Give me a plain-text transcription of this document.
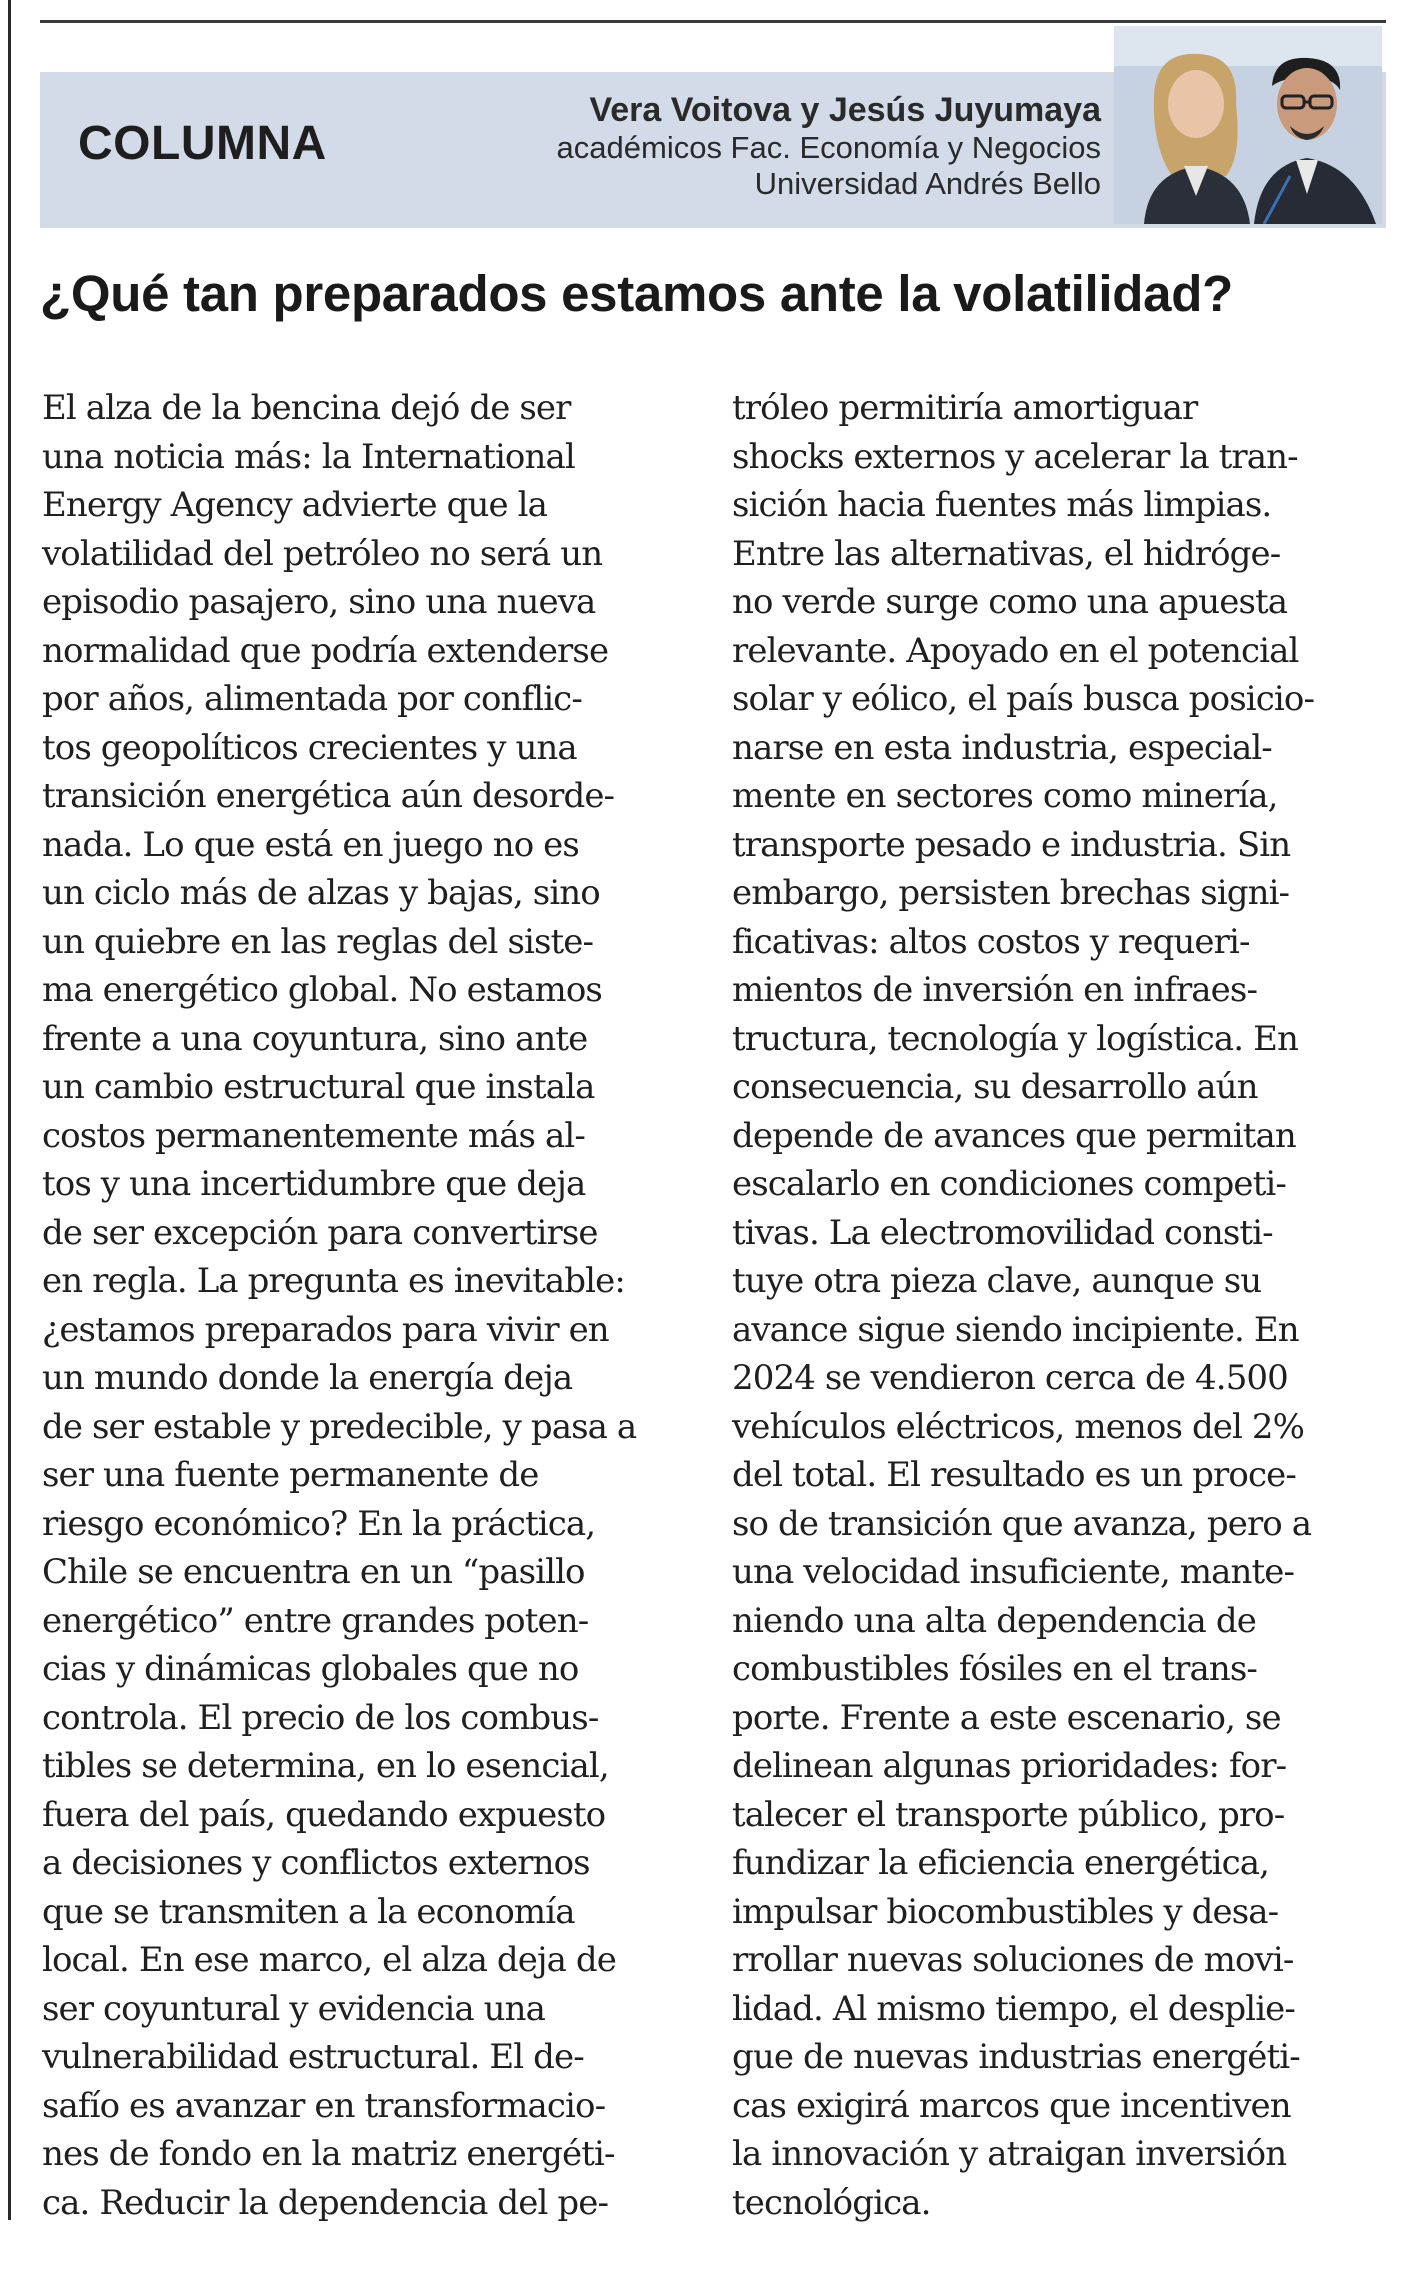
COLUMNA
Vera Voitova y Jesús Juyumaya
académicos Fac. Economía y Negocios
Universidad Andrés Bello
¿Qué tan preparados estamos ante la volatilidad?
El alza de la bencina dejó de ser
una noticia más: la International
Energy Agency advierte que la
volatilidad del petróleo no será un
episodio pasajero, sino una nueva
normalidad que podría extenderse
por años, alimentada por conflic-
tos geopolíticos crecientes y una
transición energética aún desorde-
nada. Lo que está en juego no es
un ciclo más de alzas y bajas, sino
un quiebre en las reglas del siste-
ma energético global. No estamos
frente a una coyuntura, sino ante
un cambio estructural que instala
costos permanentemente más al-
tos y una incertidumbre que deja
de ser excepción para convertirse
en regla. La pregunta es inevitable:
¿estamos preparados para vivir en
un mundo donde la energía deja
de ser estable y predecible, y pasa a
ser una fuente permanente de
riesgo económico? En la práctica,
Chile se encuentra en un “pasillo
energético” entre grandes poten-
cias y dinámicas globales que no
controla. El precio de los combus-
tibles se determina, en lo esencial,
fuera del país, quedando expuesto
a decisiones y conflictos externos
que se transmiten a la economía
local. En ese marco, el alza deja de
ser coyuntural y evidencia una
vulnerabilidad estructural. El de-
safío es avanzar en transformacio-
nes de fondo en la matriz energéti-
ca. Reducir la dependencia del pe-
tróleo permitiría amortiguar
shocks externos y acelerar la tran-
sición hacia fuentes más limpias.
Entre las alternativas, el hidróge-
no verde surge como una apuesta
relevante. Apoyado en el potencial
solar y eólico, el país busca posicio-
narse en esta industria, especial-
mente en sectores como minería,
transporte pesado e industria. Sin
embargo, persisten brechas signi-
ficativas: altos costos y requeri-
mientos de inversión en infraes-
tructura, tecnología y logística. En
consecuencia, su desarrollo aún
depende de avances que permitan
escalarlo en condiciones competi-
tivas. La electromovilidad consti-
tuye otra pieza clave, aunque su
avance sigue siendo incipiente. En
2024 se vendieron cerca de 4.500
vehículos eléctricos, menos del 2%
del total. El resultado es un proce-
so de transición que avanza, pero a
una velocidad insuficiente, mante-
niendo una alta dependencia de
combustibles fósiles en el trans-
porte. Frente a este escenario, se
delinean algunas prioridades: for-
talecer el transporte público, pro-
fundizar la eficiencia energética,
impulsar biocombustibles y desa-
rrollar nuevas soluciones de movi-
lidad. Al mismo tiempo, el desplie-
gue de nuevas industrias energéti-
cas exigirá marcos que incentiven
la innovación y atraigan inversión
tecnológica.
